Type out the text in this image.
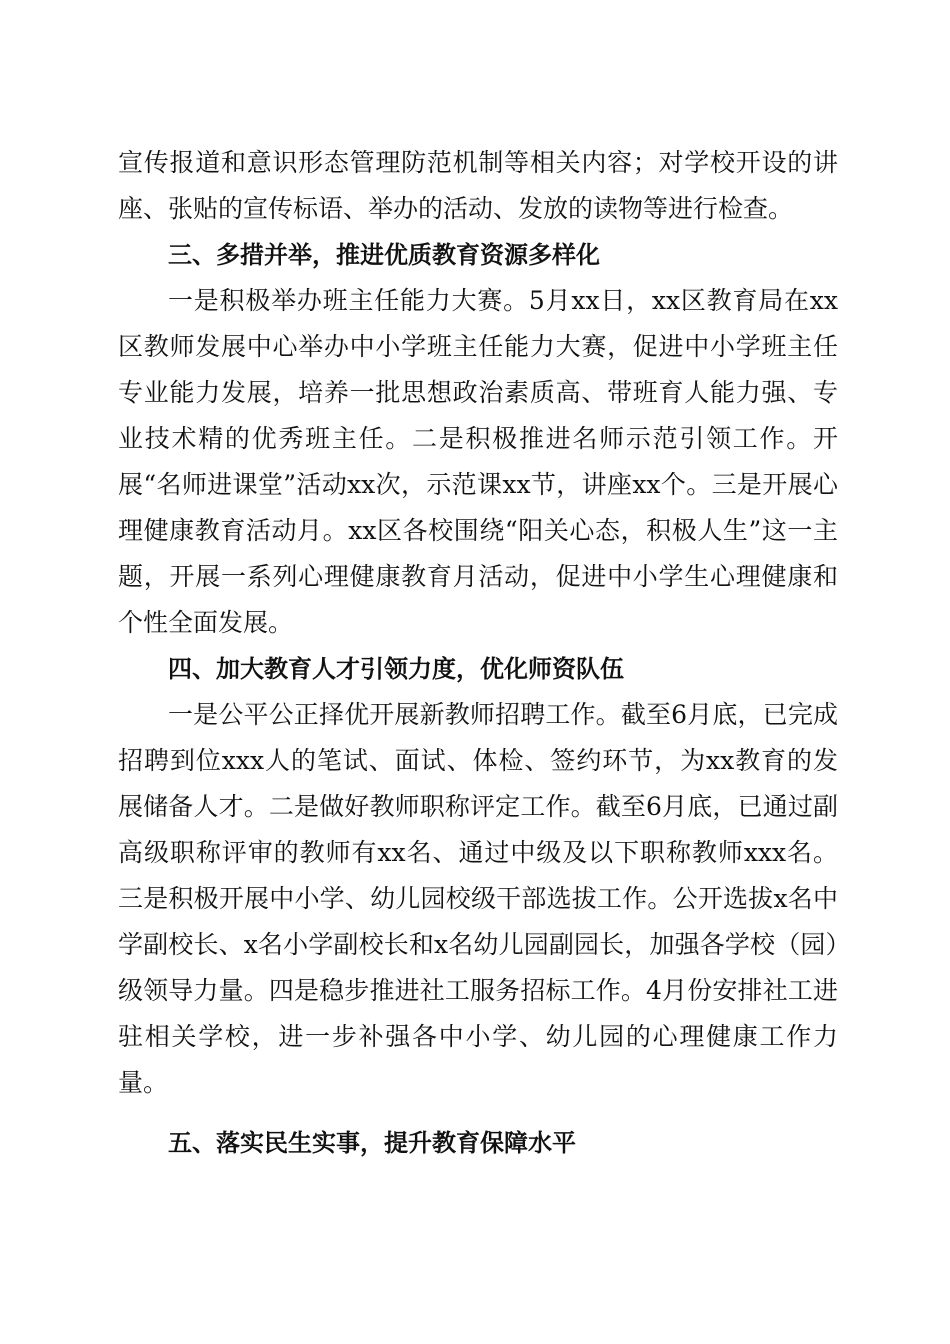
宣传报道和意识形态管理防范机制等相关内容；对学校开设的讲座、张贴的宣传标语、举办的活动、发放的读物等进行检查。

三、多措并举，推进优质教育资源多样化

一是积极举办班主任能力大赛。5月xx日，xx区教育局在xx区教师发展中心举办中小学班主任能力大赛，促进中小学班主任专业能力发展，培养一批思想政治素质高、带班育人能力强、专业技术精的优秀班主任。二是积极推进名师示范引领工作。开展“名师进课堂”活动xx次，示范课xx节，讲座xx个。三是开展心理健康教育活动月。xx区各校围绕“阳关心态，积极人生”这一主题，开展一系列心理健康教育月活动，促进中小学生心理健康和个性全面发展。

四、加大教育人才引领力度，优化师资队伍

一是公平公正择优开展新教师招聘工作。截至6月底，已完成招聘到位xxx人的笔试、面试、体检、签约环节，为xx教育的发展储备人才。二是做好教师职称评定工作。截至6月底，已通过副高级职称评审的教师有xx名、通过中级及以下职称教师xxx名。三是积极开展中小学、幼儿园校级干部选拔工作。公开选拔x名中学副校长、x名小学副校长和x名幼儿园副园长，加强各学校（园）级领导力量。四是稳步推进社工服务招标工作。4月份安排社工进驻相关学校，进一步补强各中小学、幼儿园的心理健康工作力量。

五、落实民生实事，提升教育保障水平
